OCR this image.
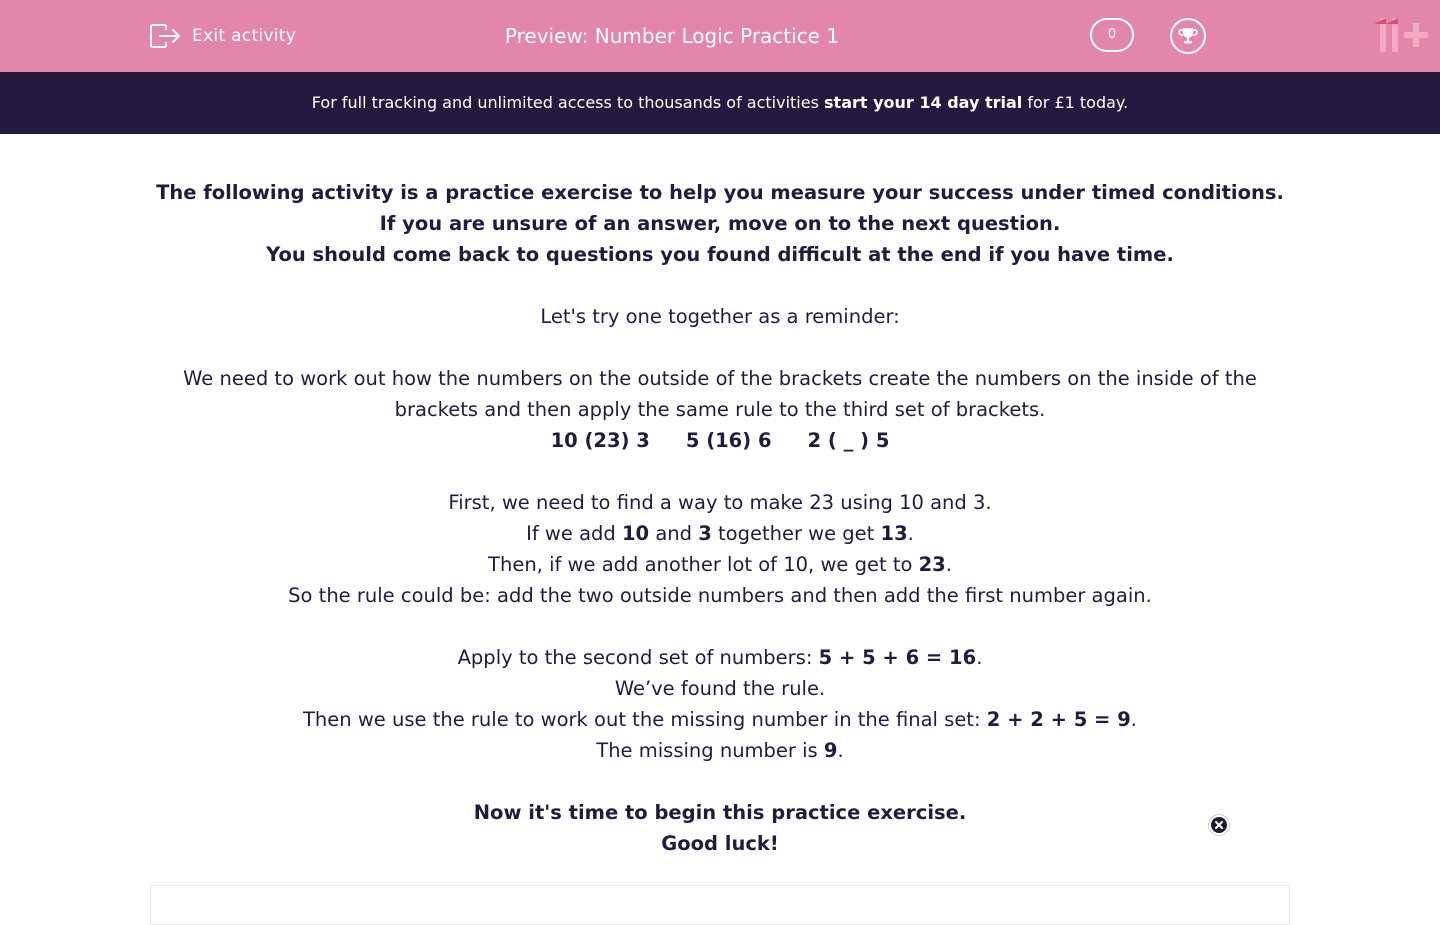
Exit activity	Preview: Number Logic Practice 1	0
For full tracking and unlimited access to thousands of activities start your 14 day trial for £1 today.

The following activity is a practice exercise to help you measure your success under timed conditions.

If you are unsure of an answer, move on to the next question.

You should come back to questions you found difficult at the end if you have time.

Let's try one together as a reminder:

We need to work out how the numbers on the outside of the brackets create the numbers on the inside of the brackets and then apply the same rule to the third set of brackets.

10 (23) 3 5 (16) 6 2 ( _ ) 5

First, we need to find a way to make 23 using 10 and 3.

If we add 10 and 3 together we get 13.

Then, if we add another lot of 10, we get to 23.

So the rule could be: add the two outside numbers and then add the first number again.

Apply to the second set of numbers: 5 + 5 + 6 = 16.

We’ve found the rule.

Then we use the rule to work out the missing number in the final set: 2 + 2 + 5 = 9.

The missing number is 9.

Now it's time to begin this practice exercise.

Good luck!
